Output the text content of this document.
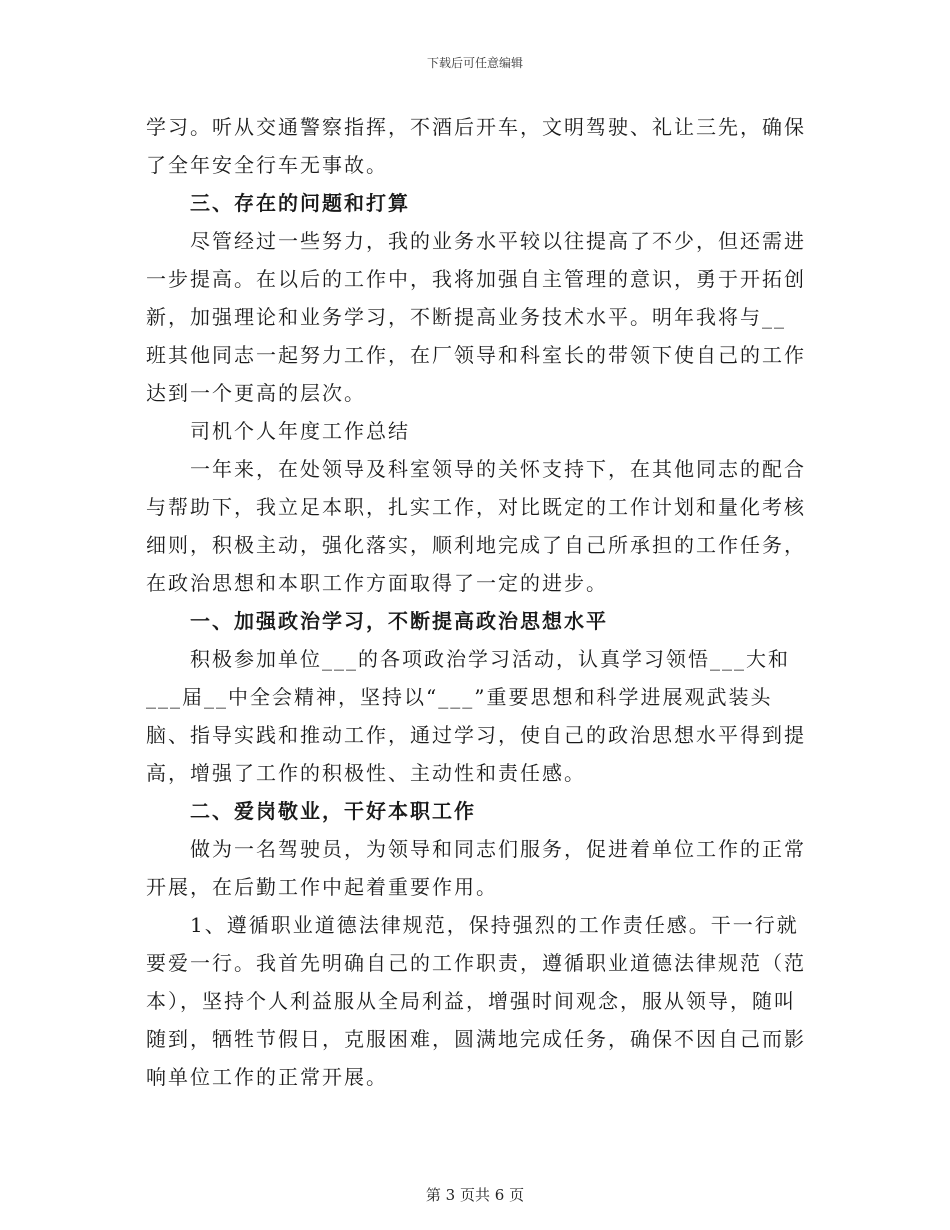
下载后可任意编辑

学习。听从交通警察指挥，不酒后开车，文明驾驶、礼让三先，确保了全年安全行车无事故。

三、存在的问题和打算

尽管经过一些努力，我的业务水平较以往提高了不少，但还需进一步提高。在以后的工作中，我将加强自主管理的意识，勇于开拓创新，加强理论和业务学习，不断提高业务技术水平。明年我将与__班其他同志一起努力工作，在厂领导和科室长的带领下使自己的工作达到一个更高的层次。

司机个人年度工作总结

一年来，在处领导及科室领导的关怀支持下，在其他同志的配合与帮助下，我立足本职，扎实工作，对比既定的工作计划和量化考核细则，积极主动，强化落实，顺利地完成了自己所承担的工作任务，在政治思想和本职工作方面取得了一定的进步。

一、加强政治学习，不断提高政治思想水平

积极参加单位___的各项政治学习活动，认真学习领悟___大和___届__中全会精神，坚持以“___”重要思想和科学进展观武装头脑、指导实践和推动工作，通过学习，使自己的政治思想水平得到提高，增强了工作的积极性、主动性和责任感。

二、爱岗敬业，干好本职工作

做为一名驾驶员，为领导和同志们服务，促进着单位工作的正常开展，在后勤工作中起着重要作用。

1、遵循职业道德法律规范，保持强烈的工作责任感。干一行就要爱一行。我首先明确自己的工作职责，遵循职业道德法律规范（范本），坚持个人利益服从全局利益，增强时间观念，服从领导，随叫随到，牺牲节假日，克服困难，圆满地完成任务，确保不因自己而影响单位工作的正常开展。

第 3 页共 6 页
